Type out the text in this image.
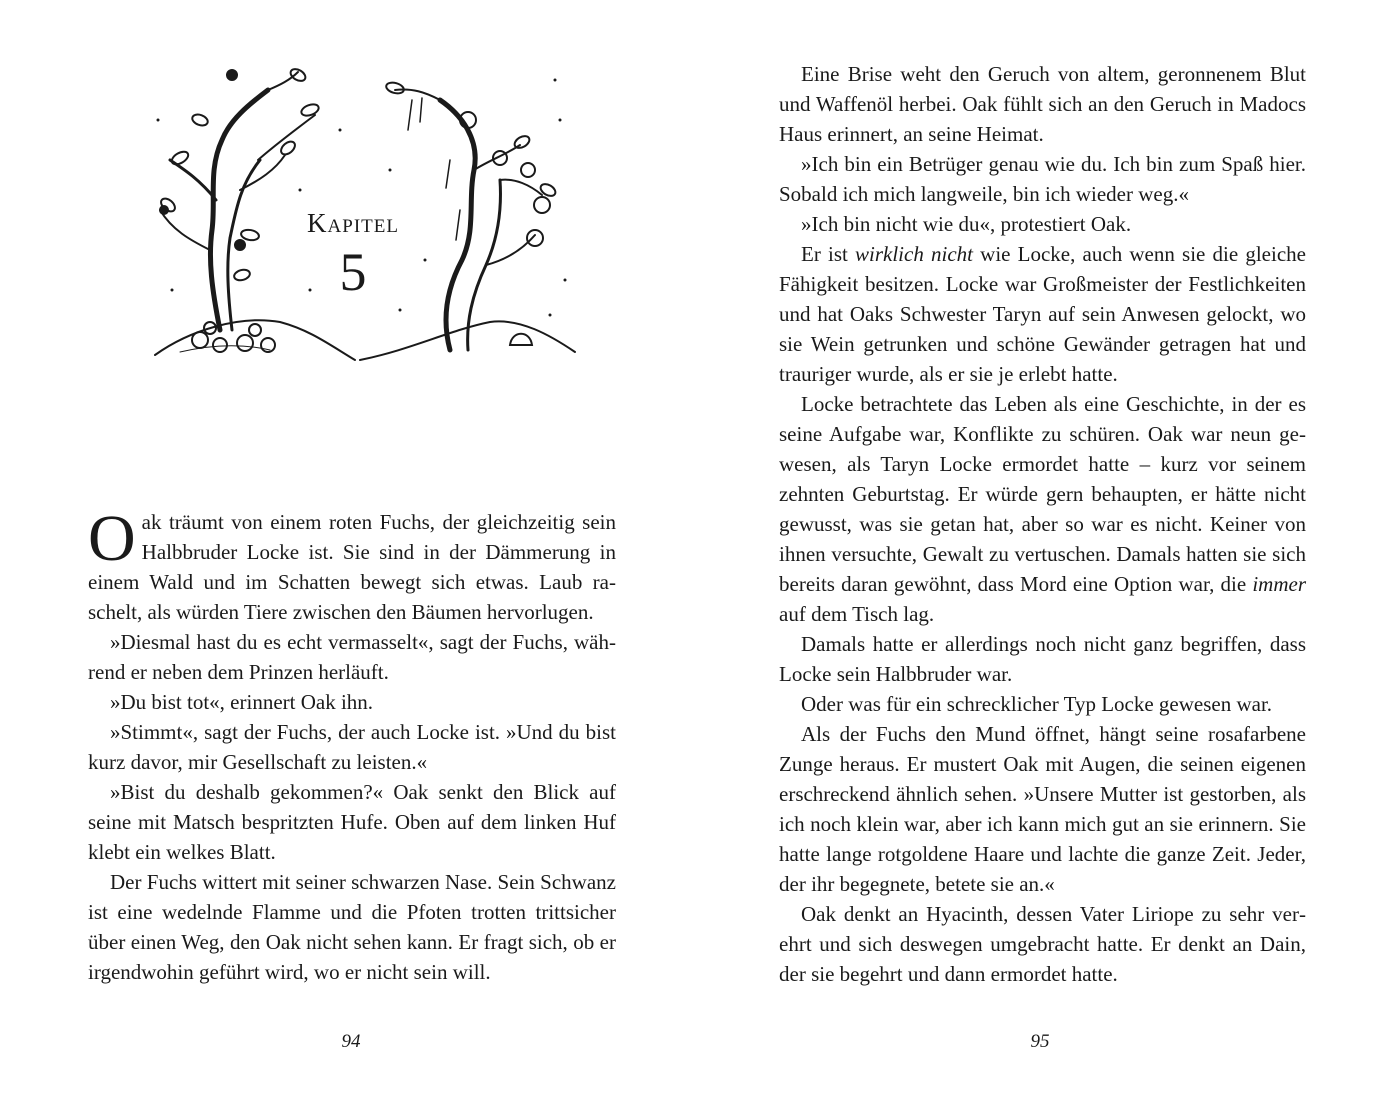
Kapitel
5

Oak träumt von einem roten Fuchs, der gleichzeitig sein Halbbruder Locke ist. Sie sind in der Dämmerung in einem Wald und im Schatten bewegt sich etwas. Laub raschelt, als würden Tiere zwischen den Bäumen hervorlugen.

»Diesmal hast du es echt vermasselt«, sagt der Fuchs, während er neben dem Prinzen herläuft.

»Du bist tot«, erinnert Oak ihn.

»Stimmt«, sagt der Fuchs, der auch Locke ist. »Und du bist kurz davor, mir Gesellschaft zu leisten.«

»Bist du deshalb gekommen?« Oak senkt den Blick auf seine mit Matsch bespritzten Hufe. Oben auf dem linken Huf klebt ein welkes Blatt.

Der Fuchs wittert mit seiner schwarzen Nase. Sein Schwanz ist eine wedelnde Flamme und die Pfoten trotten trittsicher über einen Weg, den Oak nicht sehen kann. Er fragt sich, ob er irgendwohin geführt wird, wo er nicht sein will.

94

Eine Brise weht den Geruch von altem, geronnenem Blut und Waffenöl herbei. Oak fühlt sich an den Geruch in Madocs Haus erinnert, an seine Heimat.

»Ich bin ein Betrüger genau wie du. Ich bin zum Spaß hier. Sobald ich mich langweile, bin ich wieder weg.«

»Ich bin nicht wie du«, protestiert Oak.

Er ist wirklich nicht wie Locke, auch wenn sie die gleiche Fähigkeit besitzen. Locke war Großmeister der Festlichkeiten und hat Oaks Schwester Taryn auf sein Anwesen gelockt, wo sie Wein getrunken und schöne Gewänder getragen hat und trauriger wurde, als er sie je erlebt hatte.

Locke betrachtete das Leben als eine Geschichte, in der es seine Aufgabe war, Konflikte zu schüren. Oak war neun gewesen, als Taryn Locke ermordet hatte – kurz vor seinem zehnten Geburtstag. Er würde gern behaupten, er hätte nicht gewusst, was sie getan hat, aber so war es nicht. Keiner von ihnen versuchte, Gewalt zu vertuschen. Damals hatten sie sich bereits daran gewöhnt, dass Mord eine Option war, die immer auf dem Tisch lag.

Damals hatte er allerdings noch nicht ganz begriffen, dass Locke sein Halbbruder war.

Oder was für ein schrecklicher Typ Locke gewesen war.

Als der Fuchs den Mund öffnet, hängt seine rosafarbene Zunge heraus. Er mustert Oak mit Augen, die seinen eigenen erschreckend ähnlich sehen. »Unsere Mutter ist gestorben, als ich noch klein war, aber ich kann mich gut an sie erinnern. Sie hatte lange rotgoldene Haare und lachte die ganze Zeit. Jeder, der ihr begegnete, betete sie an.«

Oak denkt an Hyacinth, dessen Vater Liriope zu sehr verehrt und sich deswegen umgebracht hatte. Er denkt an Dain, der sie begehrt und dann ermordet hatte.

95
